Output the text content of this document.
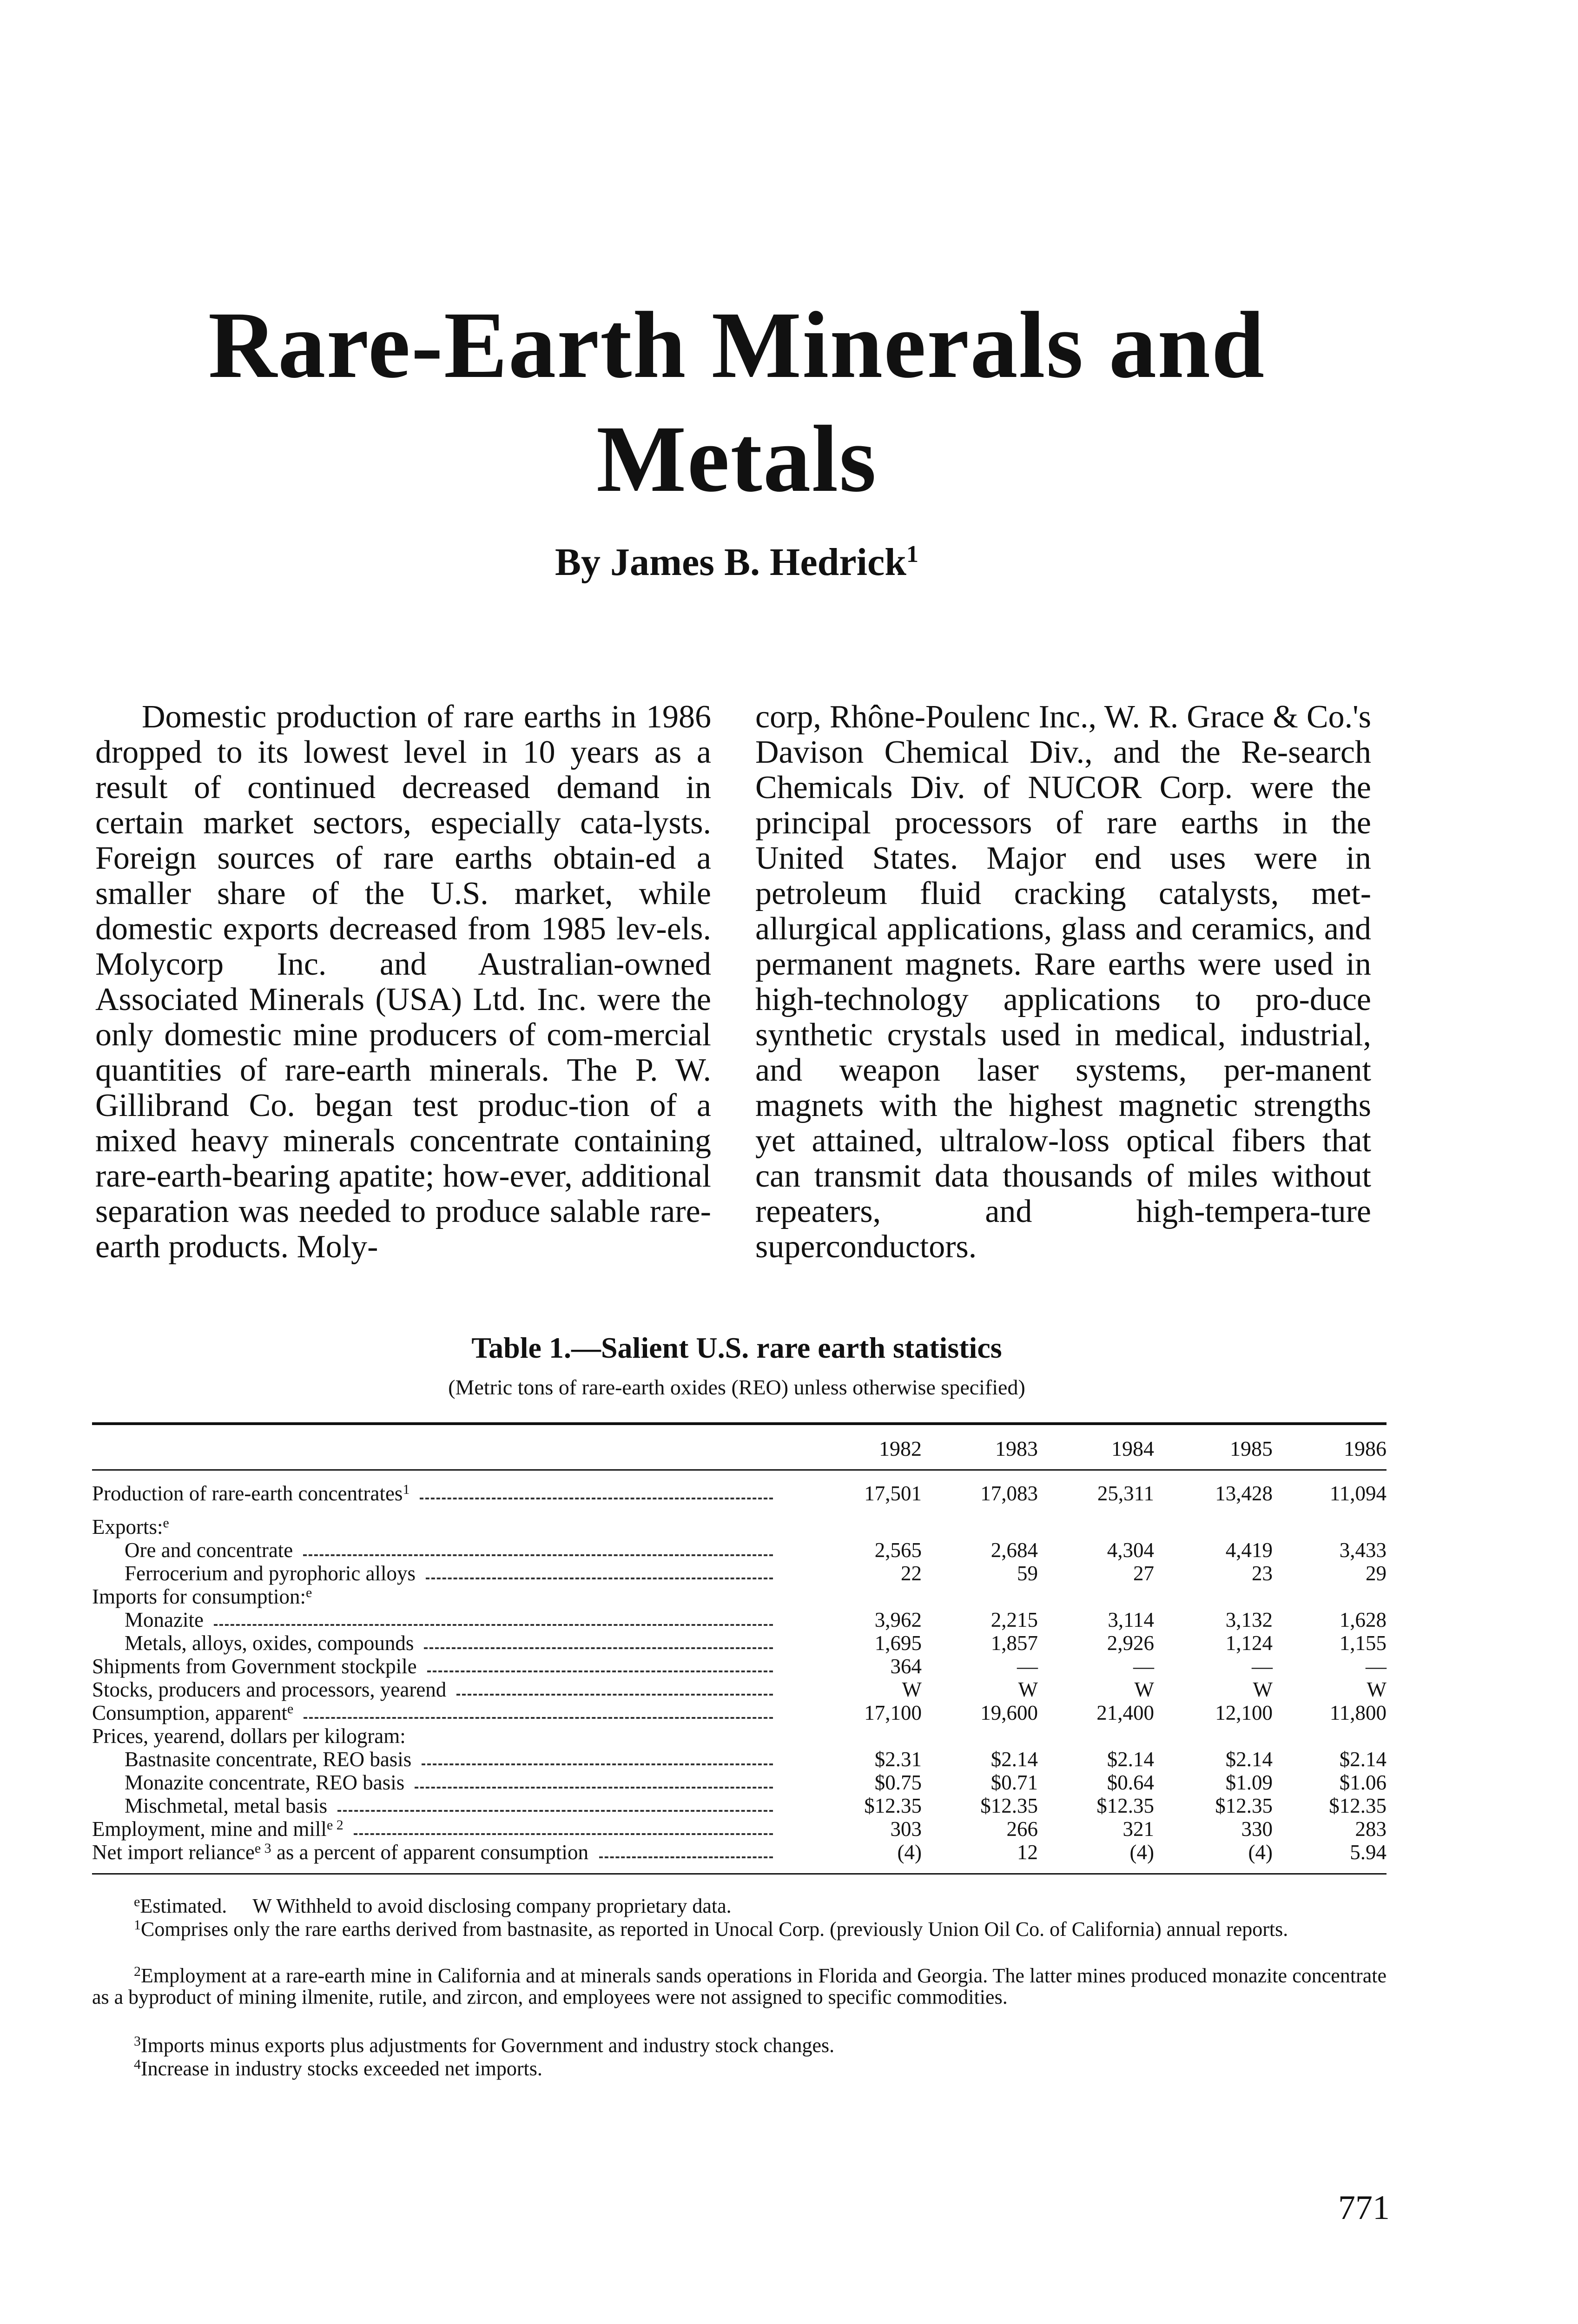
Rare-Earth Minerals and
Metals
By James B. Hedrick$^1$
Domestic production of rare earths in 1986 dropped to its lowest level in 10 years as a result of continued decreased demand in certain market sectors, especially cata-lysts. Foreign sources of rare earths obtain-ed a smaller share of the U.S. market, while domestic exports decreased from 1985 lev-els. Molycorp Inc. and Australian-owned Associated Minerals (USA) Ltd. Inc. were the only domestic mine producers of com-mercial quantities of rare-earth minerals. The P. W. Gillibrand Co. began test produc-tion of a mixed heavy minerals concentrate containing rare-earth-bearing apatite; how-ever, additional separation was needed to produce salable rare-earth products. Moly-
corp, Rhône-Poulenc Inc., W. R. Grace & Co.'s Davison Chemical Div., and the Re-search Chemicals Div. of NUCOR Corp. were the principal processors of rare earths in the United States. Major end uses were in petroleum fluid cracking catalysts, met-allurgical applications, glass and ceramics, and permanent magnets. Rare earths were used in high-technology applications to pro-duce synthetic crystals used in medical, industrial, and weapon laser systems, per-manent magnets with the highest magnetic strengths yet attained, ultralow-loss optical fibers that can transmit data thousands of miles without repeaters, and high-tempera-ture superconductors.
Table 1.—Salient U.S. rare earth statistics
(Metric tons of rare-earth oxides (REO) unless otherwise specified)
1982	1983	1984	1985	1986
Production of rare-earth concentrates$^1$	17,501	17,083	25,311	13,428	11,094
Exports:$^e$
Ore and concentrate	2,565	2,684	4,304	4,419	3,433
Ferrocerium and pyrophoric alloys	22	59	27	23	29
Imports for consumption:$^e$
Monazite	3,962	2,215	3,114	3,132	1,628
Metals, alloys, oxides, compounds	1,695	1,857	2,926	1,124	1,155
Shipments from Government stockpile	364	—	—	—	—
Stocks, producers and processors, yearend	W	W	W	W	W
Consumption, apparent$^e$	17,100	19,600	21,400	12,100	11,800
Prices, yearend, dollars per kilogram:
Bastnasite concentrate, REO basis	$2.31	$2.14	$2.14	$2.14	$2.14
Monazite concentrate, REO basis	$0.75	$0.71	$0.64	$1.09	$1.06
Mischmetal, metal basis	$12.35	$12.35	$12.35	$12.35	$12.35
Employment, mine and mill$^{e 2}$	303	266	321	330	283
Net import reliance$^{e 3}$ as a percent of apparent consumption	(4)	12	(4)	(4)	5.94
$^e$Estimated. W Withheld to avoid disclosing company proprietary data.
$^1$Comprises only the rare earths derived from bastnasite, as reported in Unocal Corp. (previously Union Oil Co. of California) annual reports.
$^2$Employment at a rare-earth mine in California and at minerals sands operations in Florida and Georgia. The latter mines produced monazite concentrate as a byproduct of mining ilmenite, rutile, and zircon, and employees were not assigned to specific commodities.
$^3$Imports minus exports plus adjustments for Government and industry stock changes.
$^4$Increase in industry stocks exceeded net imports.
771
